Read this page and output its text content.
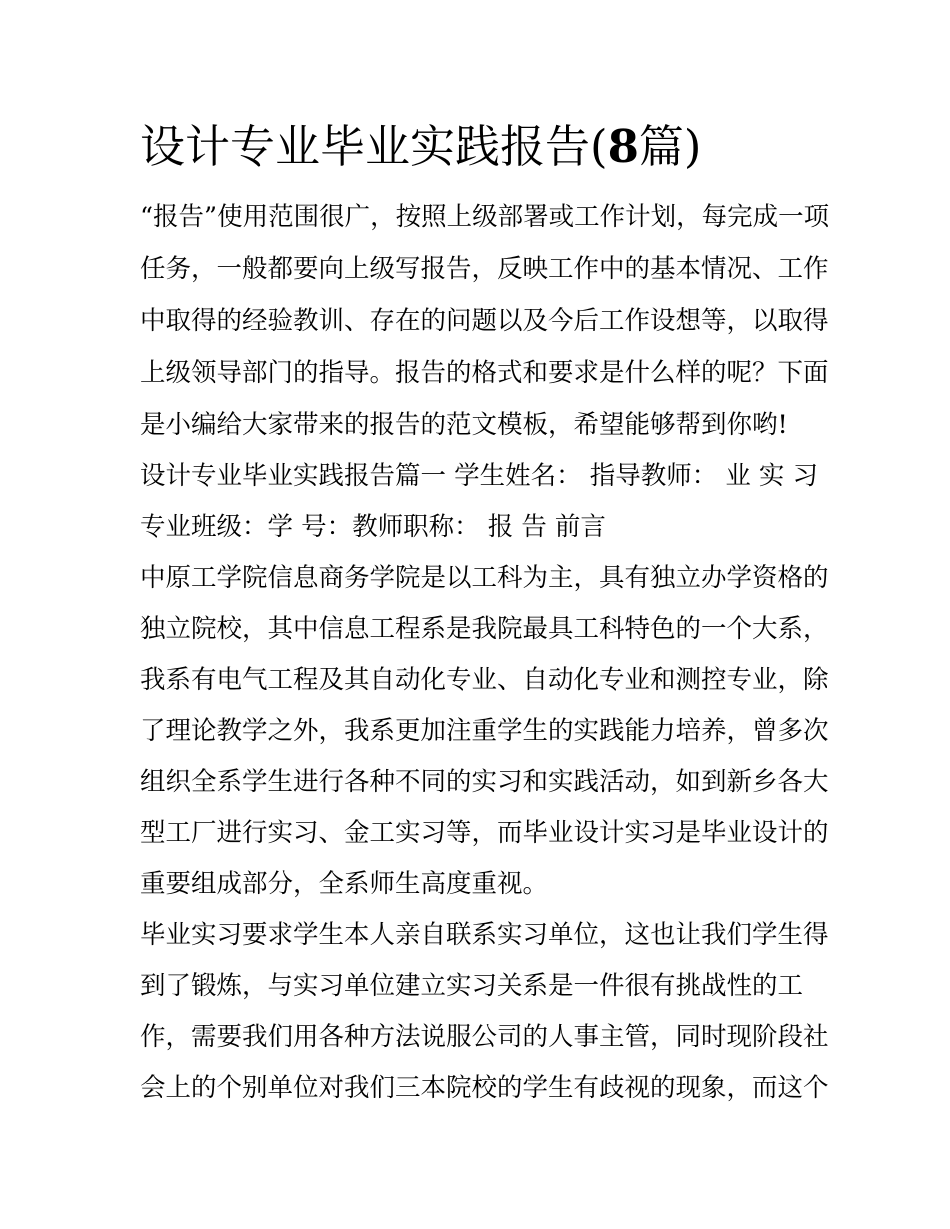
设计专业毕业实践报告(8篇)

“报告”使用范围很广，按照上级部署或工作计划，每完成一项

任务，一般都要向上级写报告，反映工作中的基本情况、工作

中取得的经验教训、存在的问题以及今后工作设想等，以取得

上级领导部门的指导。报告的格式和要求是什么样的呢？下面

是小编给大家带来的报告的范文模板，希望能够帮到你哟!

设计专业毕业实践报告篇一 学生姓名： 指导教师： 业 实 习

专业班级：学 号：教师职称： 报 告 前言

中原工学院信息商务学院是以工科为主，具有独立办学资格的

独立院校，其中信息工程系是我院最具工科特色的一个大系，

我系有电气工程及其自动化专业、自动化专业和测控专业，除

了理论教学之外，我系更加注重学生的实践能力培养，曾多次

组织全系学生进行各种不同的实习和实践活动，如到新乡各大

型工厂进行实习、金工实习等，而毕业设计实习是毕业设计的

重要组成部分，全系师生高度重视。

毕业实习要求学生本人亲自联系实习单位，这也让我们学生得

到了锻炼，与实习单位建立实习关系是一件很有挑战性的工

作，需要我们用各种方法说服公司的人事主管，同时现阶段社

会上的个别单位对我们三本院校的学生有歧视的现象，而这个
